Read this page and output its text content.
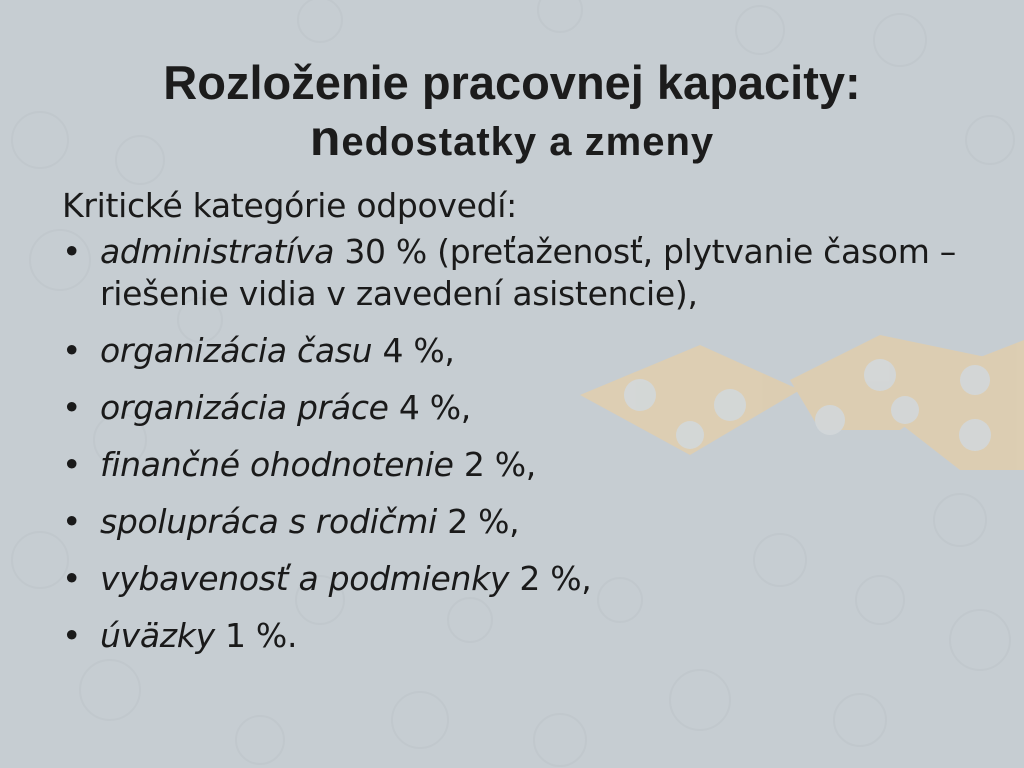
Rozloženie pracovnej kapacity:
nedostatky a zmeny

Kritické kategórie odpovedí:

• administratíva 30 % (preťaženosť, plytvanie časom – riešenie vidia v zavedení asistencie),
• organizácia času 4 %,
• organizácia práce 4 %,
• finančné ohodnotenie 2 %,
• spolupráca s rodičmi 2 %,
• vybavenosť a podmienky 2 %,
• úväzky 1 %.
